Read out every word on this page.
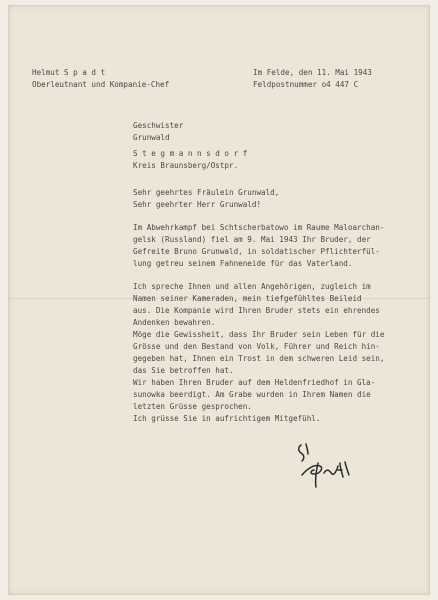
Helmut S p a d t
Oberleutnant und Kompanie-Chef
Im Felde, den 11. Mai 1943
Feldpostnummer o4 447 C
Geschwister
Grunwald
S t e g m a n n s d o r f
Kreis Braunsberg/Ostpr.
Sehr geehrtes Fräulein Grunwald,
Sehr geehrter Herr Grunwald!
Im Abwehrkampf bei Schtscherbatowo im Raume Maloarchan-
gelsk (Russland) fiel am 9. Mai 1943 Ihr Bruder, der
Gefreite Bruno Grunwald, in soldatischer Pflichterfül-
lung getreu seinem Fahneneide für das Vaterland.
Ich spreche Ihnen und allen Angehörigen, zugleich im
Namen seiner Kameraden, mein tiefgefühltes Beileid
aus. Die Kompanie wird Ihren Bruder stets ein ehrendes
Andenken bewahren.
Möge die Gewissheit, dass Ihr Bruder sein Leben für die
Grösse und den Bestand von Volk, Führer und Reich hin-
gegeben hat, Ihnen ein Trost in dem schweren Leid sein,
das Sie betroffen hat.
Wir haben Ihren Bruder auf dem Heldenfriedhof in Gla-
sunowka beerdigt. Am Grabe wurden in Ihrem Namen die
letzten Grüsse gesprochen.
Ich grüsse Sie in aufrichtigem Mitgefühl.
